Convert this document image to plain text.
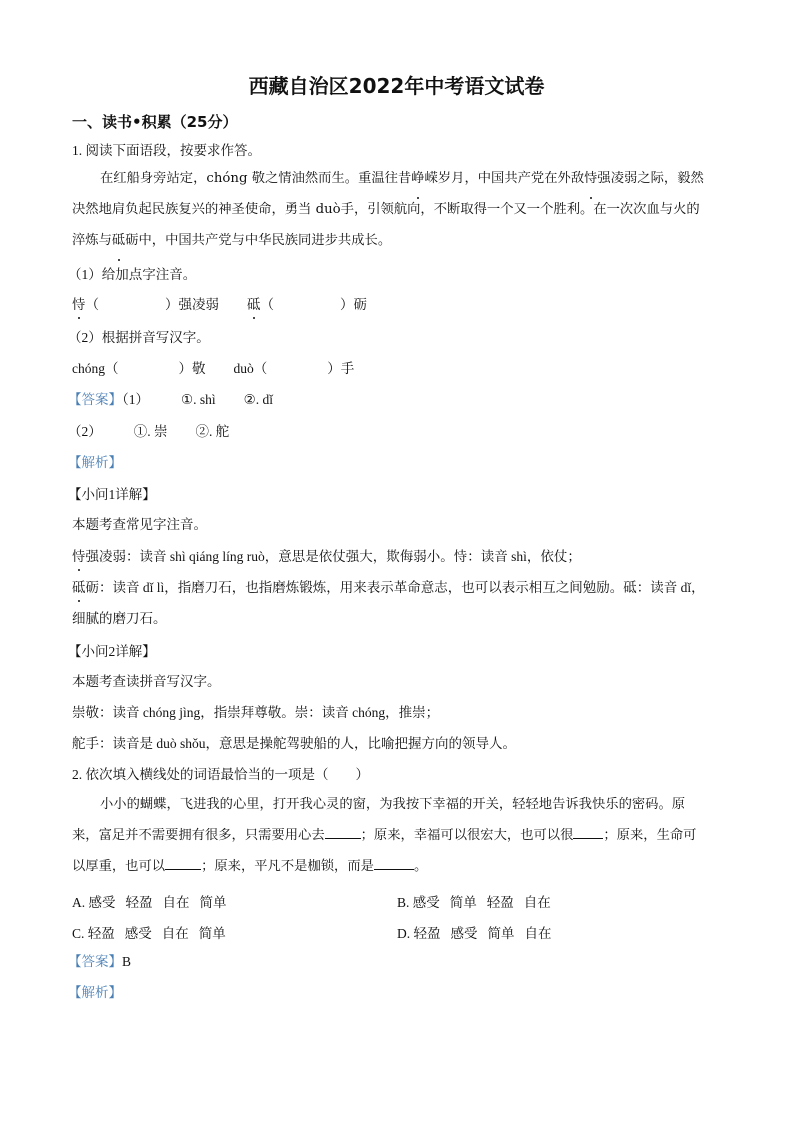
西藏自治区2022年中考语文试卷
一、读书•积累（25分）
1. 阅读下面语段，按要求作答。
在红船身旁站定，chóng 敬之情油然而生。重温往昔峥嵘岁月，中国共产党在外敌恃强凌弱之际，毅然
决然地肩负起民族复兴的神圣使命，勇当 duò手，引领航向，不断取得一个又一个胜利。在一次次血与火的
淬炼与砥砺中，中国共产党与中华民族同进步共成长。
（1）给加点字注音。
恃（	）强凌弱 砥（	）砺
（2）根据拼音写汉字。
chóng（	）敬 duò（	）手
【答案】（1） ①. shì ②. dǐ
（2） ①. 崇 ②. 舵
【解析】
【小问1详解】
本题考查常见字注音。
恃强凌弱：读音 shì qiáng líng ruò，意思是依仗强大，欺侮弱小。恃：读音 shì，依仗；
砥砺：读音 dǐ lì，指磨刀石，也指磨炼锻炼，用来表示革命意志，也可以表示相互之间勉励。砥：读音 dǐ，
细腻的磨刀石。
【小问2详解】
本题考查读拼音写汉字。
崇敬：读音 chóng jìng，指崇拜尊敬。崇：读音 chóng，推崇；
舵手：读音是 duò shǒu，意思是操舵驾驶船的人，比喻把握方向的领导人。
2. 依次填入横线处的词语最恰当的一项是（　　）
小小的蝴蝶，飞进我的心里，打开我心灵的窗，为我按下幸福的开关，轻轻地告诉我快乐的密码。原
来，富足并不需要拥有很多，只需要用心去	；原来，幸福可以很宏大，也可以很 ；原来，生命可
以厚重，也可以	；原来，平凡不是枷锁，而是	。
A. 感受 轻盈 自在 简单	B. 感受 简单 轻盈 自在
C. 轻盈 感受 自在 简单	D. 轻盈 感受 简单 自在
【答案】B
【解析】
